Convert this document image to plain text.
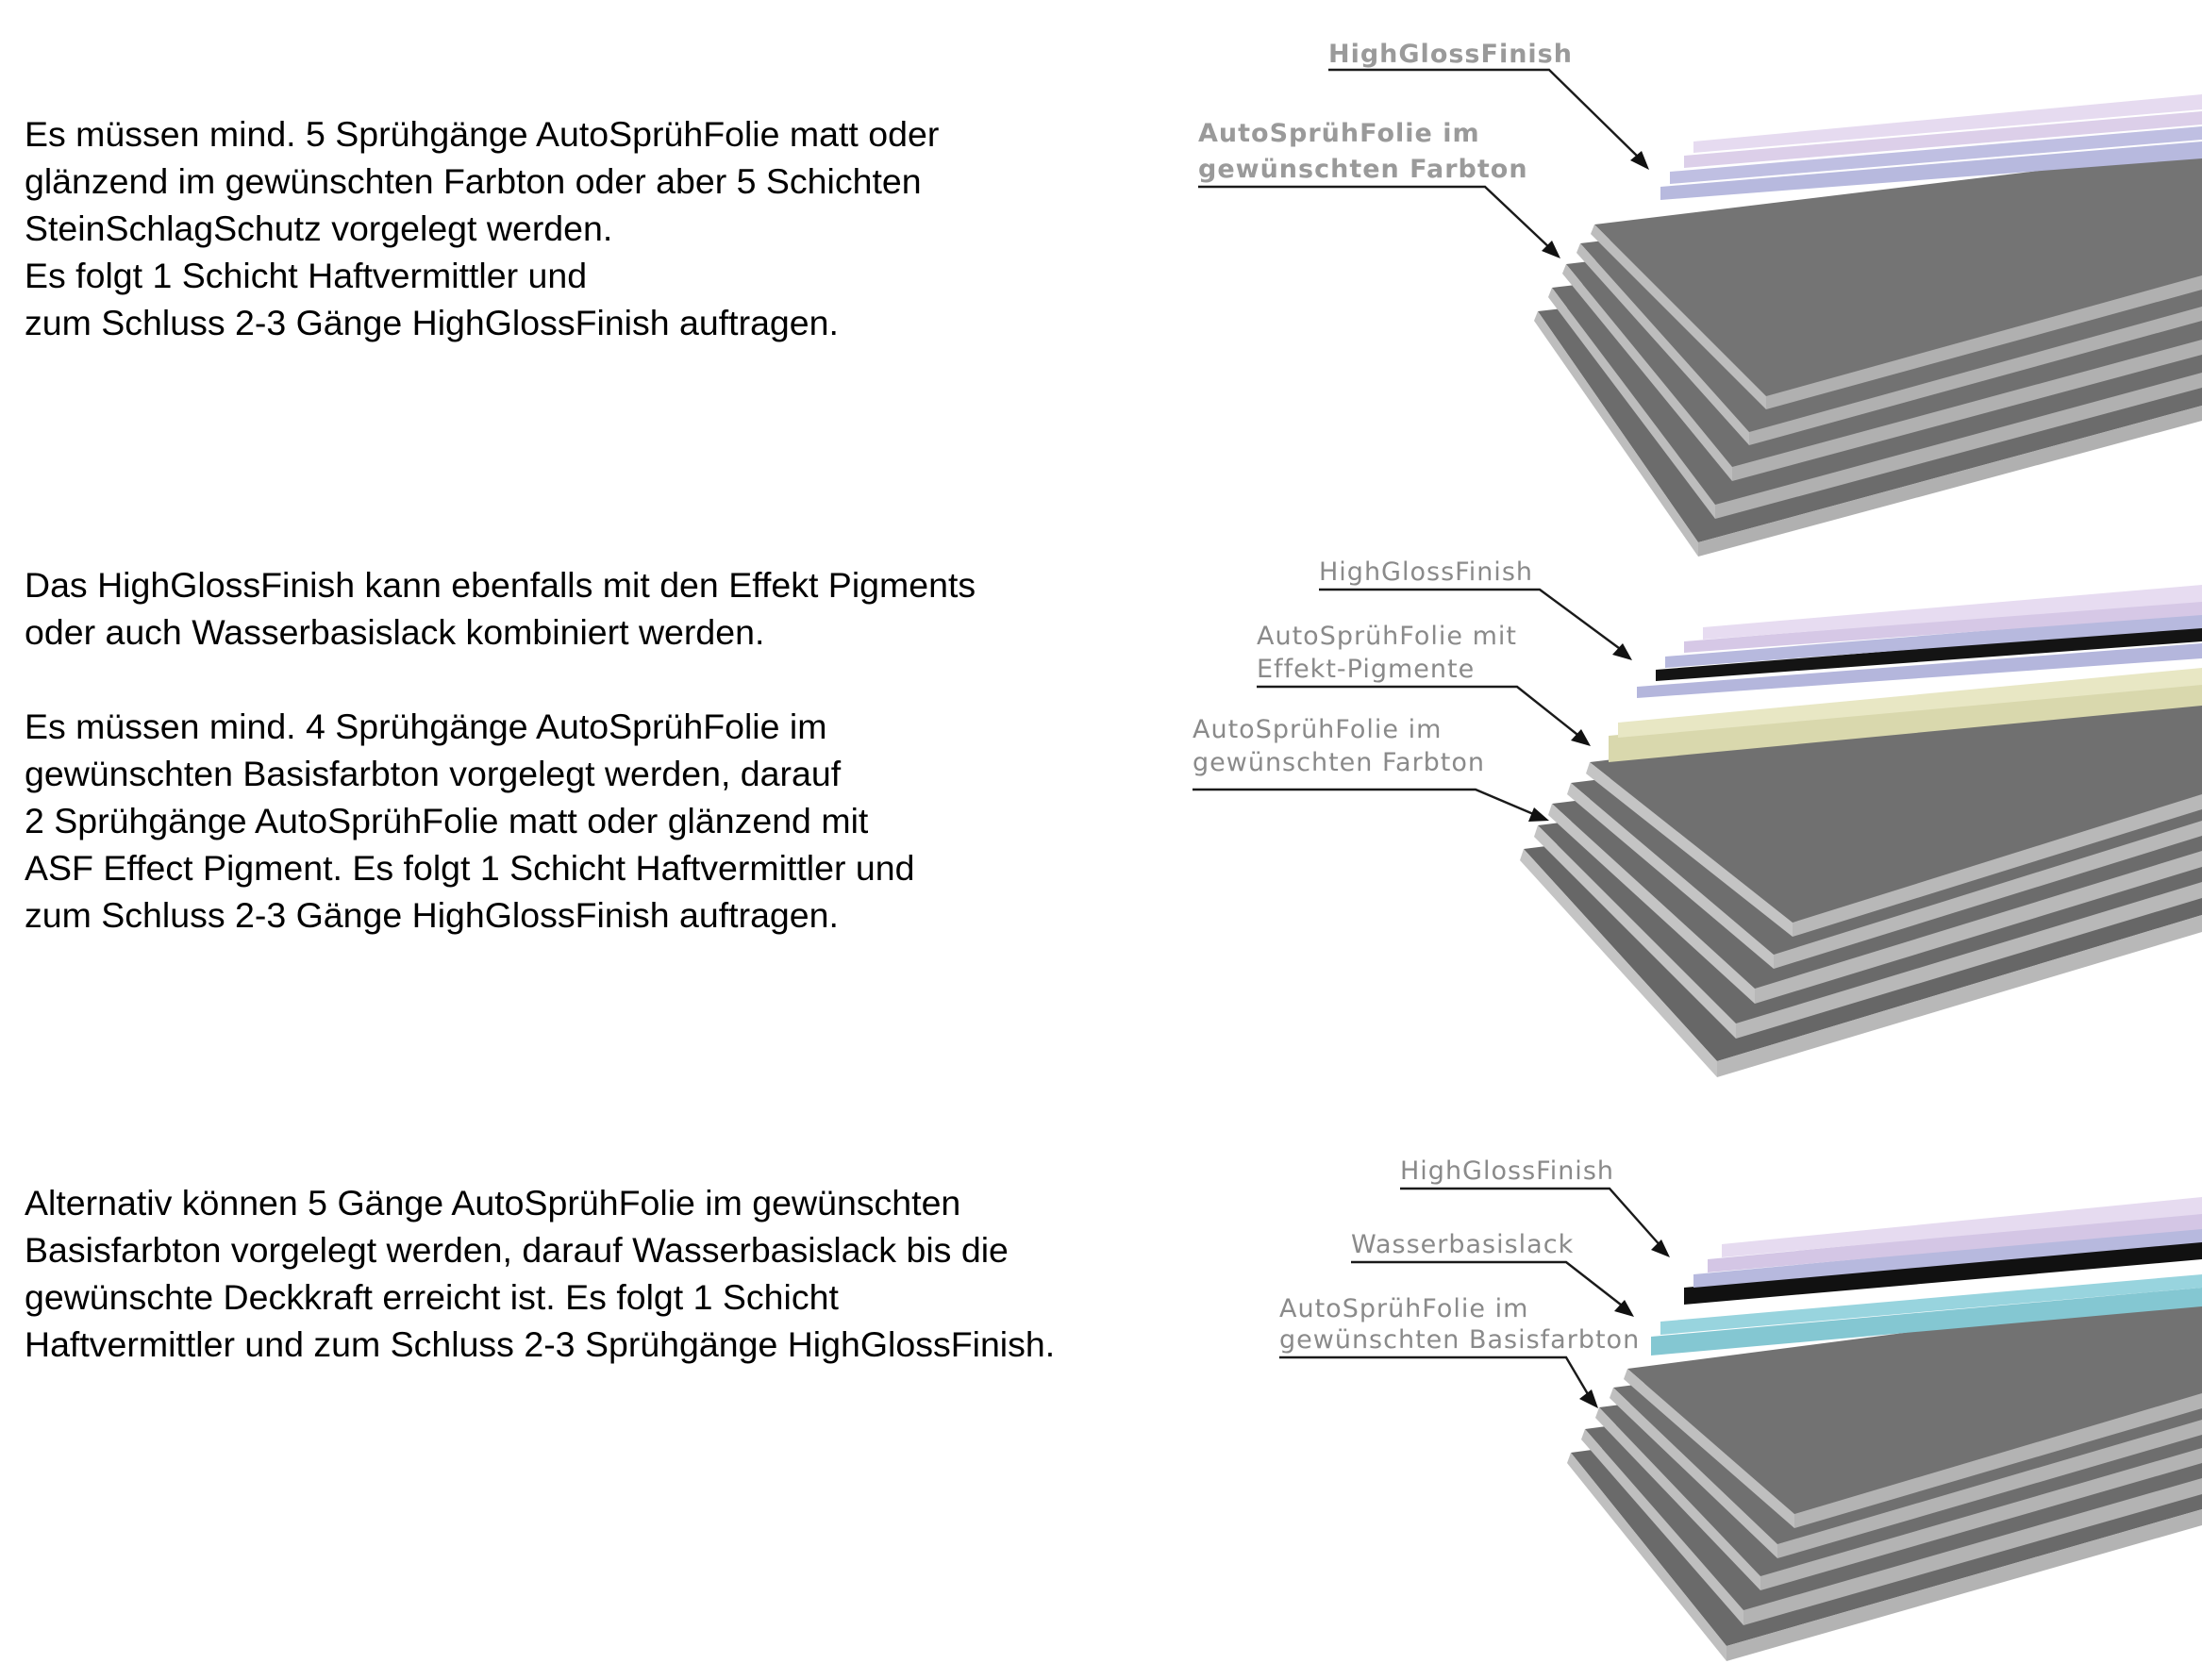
Es müssen mind. 5 Sprühgänge AutoSprühFolie matt oder
glänzend im gewünschten Farbton oder aber 5 Schichten
SteinSchlagSchutz vorgelegt werden.
Es folgt 1 Schicht Haftvermittler und
zum Schluss 2-3 Gänge HighGlossFinish auftragen.
HighGlossFinish
AutoSprühFolie im
gewünschten Farbton
Das HighGlossFinish kann ebenfalls mit den Effekt Pigments
oder auch Wasserbasislack kombiniert werden.
Es müssen mind. 4 Sprühgänge AutoSprühFolie im
gewünschten Basisfarbton vorgelegt werden, darauf
2 Sprühgänge AutoSprühFolie matt oder glänzend mit
ASF Effect Pigment. Es folgt 1 Schicht Haftvermittler und
zum Schluss 2-3 Gänge HighGlossFinish auftragen.
HighGlossFinish
AutoSprühFolie mit
Effekt-Pigmente
AutoSprühFolie im
gewünschten Farbton
Alternativ können 5 Gänge AutoSprühFolie im gewünschten
Basisfarbton vorgelegt werden, darauf Wasserbasislack bis die
gewünschte Deckkraft erreicht ist. Es folgt 1 Schicht
Haftvermittler und zum Schluss 2-3 Sprühgänge HighGlossFinish.
HighGlossFinish
Wasserbasislack
AutoSprühFolie im
gewünschten Basisfarbton
